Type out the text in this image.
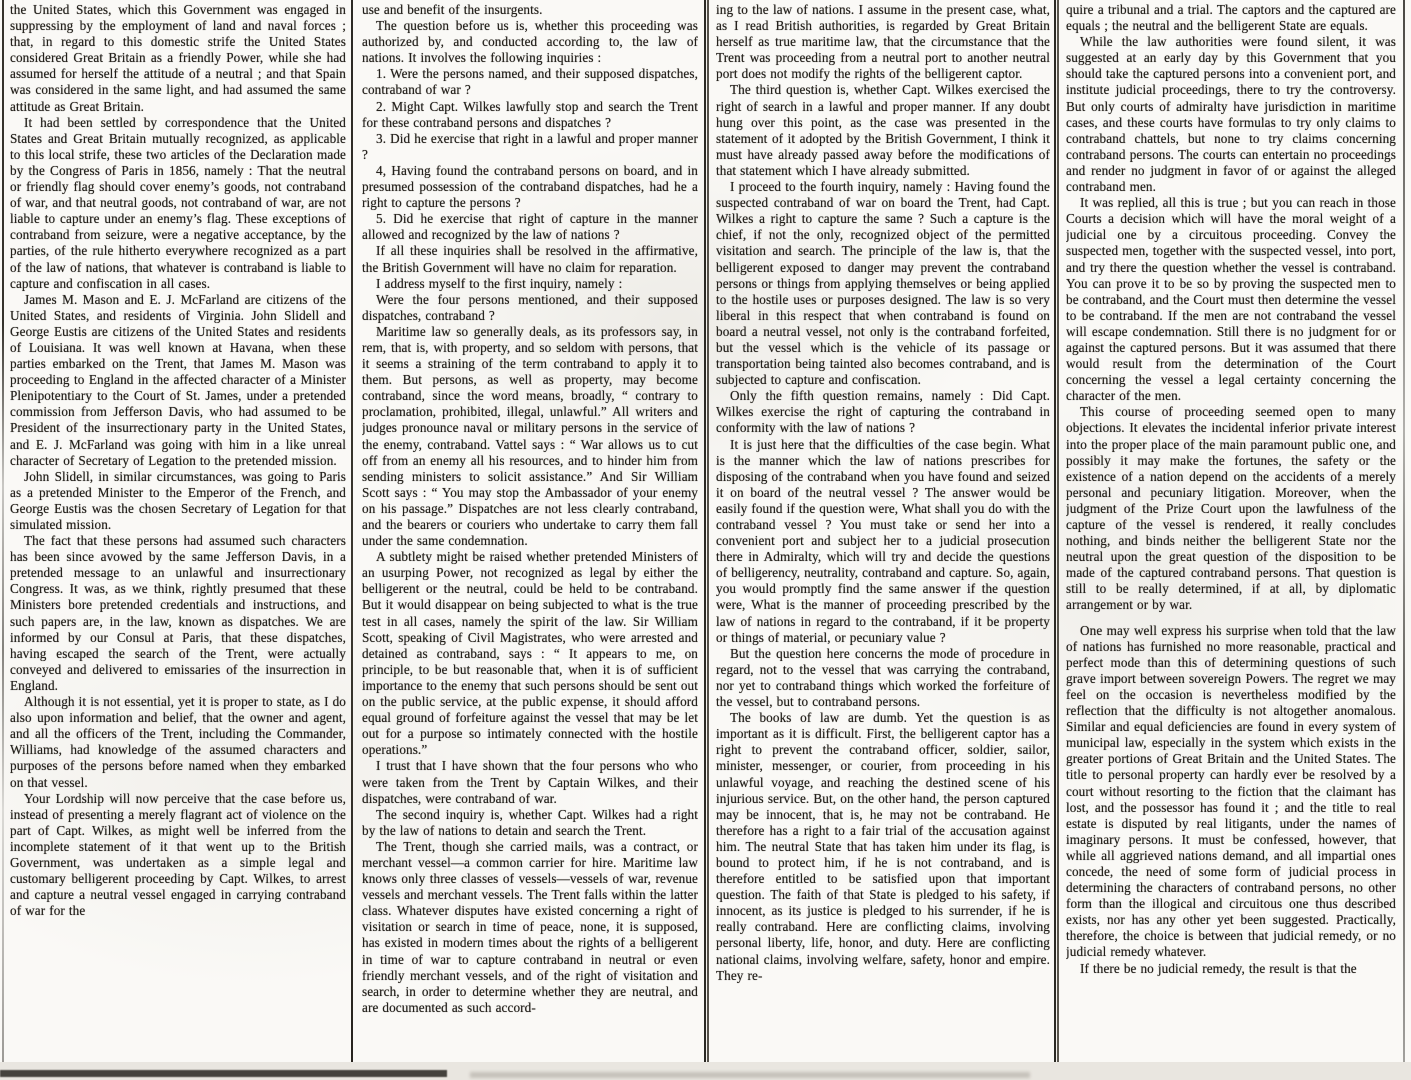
the United States, which this Government was engaged in suppressing by the employment of land and naval forces ; that, in regard to this domestic strife the United States considered Great Britain as a friendly Power, while she had assumed for herself the attitude of a neutral ; and that Spain was considered in the same light, and had assumed the same attitude as Great Britain.

It had been settled by correspondence that the United States and Great Britain mutually recognized, as applicable to this local strife, these two articles of the Declaration made by the Congress of Paris in 1856, namely : That the neutral or friendly flag should cover enemy’s goods, not contraband of war, and that neutral goods, not contraband of war, are not liable to capture under an enemy’s flag. These exceptions of contraband from seizure, were a negative acceptance, by the parties, of the rule hitherto everywhere recognized as a part of the law of nations, that whatever is contraband is liable to capture and confiscation in all cases.

James M. Mason and E. J. McFarland are citizens of the United States, and residents of Virginia. John Slidell and George Eustis are citizens of the United States and residents of Louisiana. It was well known at Havana, when these parties embarked on the Trent, that James M. Mason was proceeding to England in the affected character of a Minister Plenipotentiary to the Court of St. James, under a pretended commission from Jefferson Davis, who had assumed to be President of the insurrectionary party in the United States, and E. J. McFarland was going with him in a like unreal character of Secretary of Legation to the pretended mission.

John Slidell, in similar circumstances, was going to Paris as a pretended Minister to the Emperor of the French, and George Eustis was the chosen Secretary of Legation for that simulated mission.

The fact that these persons had assumed such characters has been since avowed by the same Jefferson Davis, in a pretended message to an unlawful and insurrectionary Congress. It was, as we think, rightly presumed that these Ministers bore pretended credentials and instructions, and such papers are, in the law, known as dispatches. We are informed by our Consul at Paris, that these dispatches, having escaped the search of the Trent, were actually conveyed and delivered to emissaries of the insurrection in England.

Although it is not essential, yet it is proper to state, as I do also upon information and belief, that the owner and agent, and all the officers of the Trent, including the Commander, Williams, had knowledge of the assumed characters and purposes of the persons before named when they embarked on that vessel.

Your Lordship will now perceive that the case before us, instead of presenting a merely flagrant act of violence on the part of Capt. Wilkes, as might well be inferred from the incomplete statement of it that went up to the British Government, was undertaken as a simple legal and customary belligerent proceeding by Capt. Wilkes, to arrest and capture a neutral vessel engaged in carrying contraband of war for the

use and benefit of the insurgents.

The question before us is, whether this proceeding was authorized by, and conducted according to, the law of nations. It involves the following inquiries :

1. Were the persons named, and their supposed dispatches, contraband of war ?

2. Might Capt. Wilkes lawfully stop and search the Trent for these contraband persons and dispatches ?

3. Did he exercise that right in a lawful and proper manner ?

4, Having found the contraband persons on board, and in presumed possession of the contraband dispatches, had he a right to capture the persons ?

5. Did he exercise that right of capture in the manner allowed and recognized by the law of nations ?

If all these inquiries shall be resolved in the affirmative, the British Government will have no claim for reparation.

I address myself to the first inquiry, namely :

Were the four persons mentioned, and their supposed dispatches, contraband ?

Maritime law so generally deals, as its professors say, in rem, that is, with property, and so seldom with persons, that it seems a straining of the term contraband to apply it to them. But persons, as well as property, may become contraband, since the word means, broadly, “ contrary to proclamation, prohibited, illegal, unlawful.” All writers and judges pronounce naval or military persons in the service of the enemy, contraband. Vattel says : “ War allows us to cut off from an enemy all his resources, and to hinder him from sending ministers to solicit assistance.” And Sir William Scott says : “ You may stop the Ambassador of your enemy on his passage.” Dispatches are not less clearly contraband, and the bearers or couriers who undertake to carry them fall under the same condemnation.

A subtlety might be raised whether pretended Ministers of an usurping Power, not recognized as legal by either the belligerent or the neutral, could be held to be contraband. But it would disappear on being subjected to what is the true test in all cases, namely the spirit of the law. Sir William Scott, speaking of Civil Magistrates, who were arrested and detained as contraband, says : “ It appears to me, on principle, to be but reasonable that, when it is of sufficient importance to the enemy that such persons should be sent out on the public service, at the public expense, it should afford equal ground of forfeiture against the vessel that may be let out for a purpose so intimately connected with the hostile operations.”

I trust that I have shown that the four persons who who were taken from the Trent by Captain Wilkes, and their dispatches, were contraband of war.

The second inquiry is, whether Capt. Wilkes had a right by the law of nations to detain and search the Trent.

The Trent, though she carried mails, was a contract, or merchant vessel—a common carrier for hire. Maritime law knows only three classes of vessels—vessels of war, revenue vessels and merchant vessels. The Trent falls within the latter class. Whatever disputes have existed concerning a right of visitation or search in time of peace, none, it is supposed, has existed in modern times about the rights of a belligerent in time of war to capture contraband in neutral or even friendly merchant vessels, and of the right of visitation and search, in order to determine whether they are neutral, and are documented as such accord-

ing to the law of nations. I assume in the present case, what, as I read British authorities, is regarded by Great Britain herself as true maritime law, that the circumstance that the Trent was proceeding from a neutral port to another neutral port does not modify the rights of the belligerent captor.

The third question is, whether Capt. Wilkes exercised the right of search in a lawful and proper manner. If any doubt hung over this point, as the case was presented in the statement of it adopted by the British Government, I think it must have already passed away before the modifications of that statement which I have already submitted.

I proceed to the fourth inquiry, namely : Having found the suspected contraband of war on board the Trent, had Capt. Wilkes a right to capture the same ? Such a capture is the chief, if not the only, recognized object of the permitted visitation and search. The principle of the law is, that the belligerent exposed to danger may prevent the contraband persons or things from applying themselves or being applied to the hostile uses or purposes designed. The law is so very liberal in this respect that when contraband is found on board a neutral vessel, not only is the contraband forfeited, but the vessel which is the vehicle of its passage or transportation being tainted also becomes contraband, and is subjected to capture and confiscation.

Only the fifth question remains, namely : Did Capt. Wilkes exercise the right of capturing the contraband in conformity with the law of nations ?

It is just here that the difficulties of the case begin. What is the manner which the law of nations prescribes for disposing of the contraband when you have found and seized it on board of the neutral vessel ? The answer would be easily found if the question were, What shall you do with the contraband vessel ? You must take or send her into a convenient port and subject her to a judicial prosecution there in Admiralty, which will try and decide the questions of belligerency, neutrality, contraband and capture. So, again, you would promptly find the same answer if the question were, What is the manner of proceeding prescribed by the law of nations in regard to the contraband, if it be property or things of material, or pecuniary value ?

But the question here concerns the mode of procedure in regard, not to the vessel that was carrying the contraband, nor yet to contraband things which worked the forfeiture of the vessel, but to contraband persons.

The books of law are dumb. Yet the question is as important as it is difficult. First, the belligerent captor has a right to prevent the contraband officer, soldier, sailor, minister, messenger, or courier, from proceeding in his unlawful voyage, and reaching the destined scene of his injurious service. But, on the other hand, the person captured may be innocent, that is, he may not be contraband. He therefore has a right to a fair trial of the accusation against him. The neutral State that has taken him under its flag, is bound to protect him, if he is not contraband, and is therefore entitled to be satisfied upon that important question. The faith of that State is pledged to his safety, if innocent, as its justice is pledged to his surrender, if he is really contraband. Here are conflicting claims, involving personal liberty, life, honor, and duty. Here are conflicting national claims, involving welfare, safety, honor and empire. They re-

quire a tribunal and a trial. The captors and the captured are equals ; the neutral and the belligerent State are equals.

While the law authorities were found silent, it was suggested at an early day by this Government that you should take the captured persons into a convenient port, and institute judicial proceedings, there to try the controversy. But only courts of admiralty have jurisdiction in maritime cases, and these courts have formulas to try only claims to contraband chattels, but none to try claims concerning contraband persons. The courts can entertain no proceedings and render no judgment in favor of or against the alleged contraband men.

It was replied, all this is true ; but you can reach in those Courts a decision which will have the moral weight of a judicial one by a circuitous proceeding. Convey the suspected men, together with the suspected vessel, into port, and try there the question whether the vessel is contraband. You can prove it to be so by proving the suspected men to be contraband, and the Court must then determine the vessel to be contraband. If the men are not contraband the vessel will escape condemnation. Still there is no judgment for or against the captured persons. But it was assumed that there would result from the determination of the Court concerning the vessel a legal certainty concerning the character of the men.

This course of proceeding seemed open to many objections. It elevates the incidental inferior private interest into the proper place of the main paramount public one, and possibly it may make the fortunes, the safety or the existence of a nation depend on the accidents of a merely personal and pecuniary litigation. Moreover, when the judgment of the Prize Court upon the lawfulness of the capture of the vessel is rendered, it really concludes nothing, and binds neither the belligerent State nor the neutral upon the great question of the disposition to be made of the captured contraband persons. That question is still to be really determined, if at all, by diplomatic arrangement or by war.

One may well express his surprise when told that the law of nations has furnished no more reasonable, practical and perfect mode than this of determining questions of such grave import between sovereign Powers. The regret we may feel on the occasion is nevertheless modified by the reflection that the difficulty is not altogether anomalous. Similar and equal deficiencies are found in every system of municipal law, especially in the system which exists in the greater portions of Great Britain and the United States. The title to personal property can hardly ever be resolved by a court without resorting to the fiction that the claimant has lost, and the possessor has found it ; and the title to real estate is disputed by real litigants, under the names of imaginary persons. It must be confessed, however, that while all aggrieved nations demand, and all impartial ones concede, the need of some form of judicial process in determining the characters of contraband persons, no other form than the illogical and circuitous one thus described exists, nor has any other yet been suggested. Practically, therefore, the choice is between that judicial remedy, or no judicial remedy whatever.

If there be no judicial remedy, the result is that the
